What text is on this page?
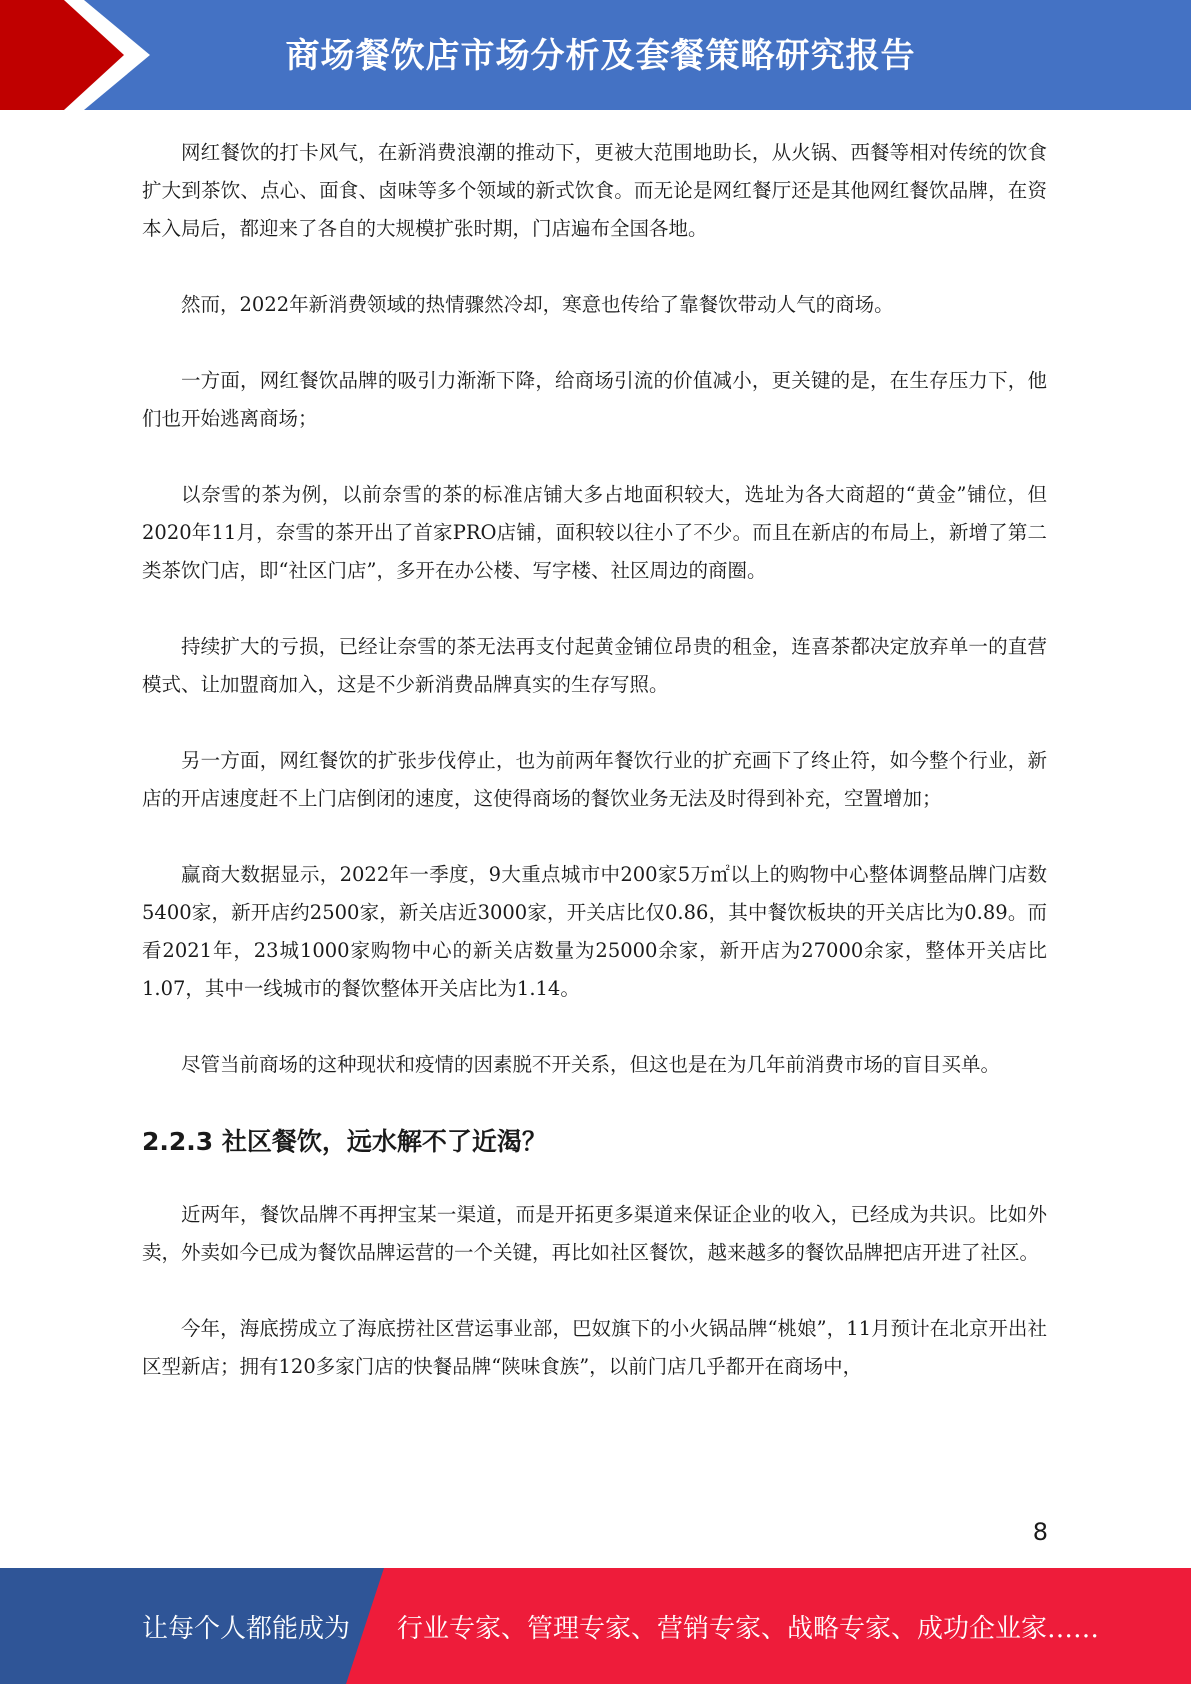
商场餐饮店市场分析及套餐策略研究报告

网红餐饮的打卡风气，在新消费浪潮的推动下，更被大范围地助长，从火锅、西餐等相对传统的饮食扩大到茶饮、点心、面食、卤味等多个领域的新式饮食。而无论是网红餐厅还是其他网红餐饮品牌，在资本入局后，都迎来了各自的大规模扩张时期，门店遍布全国各地。

然而，2022年新消费领域的热情骤然冷却，寒意也传给了靠餐饮带动人气的商场。

一方面，网红餐饮品牌的吸引力渐渐下降，给商场引流的价值减小，更关键的是，在生存压力下，他们也开始逃离商场；

以奈雪的茶为例，以前奈雪的茶的标准店铺大多占地面积较大，选址为各大商超的“黄金”铺位，但2020年11月，奈雪的茶开出了首家PRO店铺，面积较以往小了不少。而且在新店的布局上，新增了第二类茶饮门店，即“社区门店”，多开在办公楼、写字楼、社区周边的商圈。

持续扩大的亏损，已经让奈雪的茶无法再支付起黄金铺位昂贵的租金，连喜茶都决定放弃单一的直营模式、让加盟商加入，这是不少新消费品牌真实的生存写照。

另一方面，网红餐饮的扩张步伐停止，也为前两年餐饮行业的扩充画下了终止符，如今整个行业，新店的开店速度赶不上门店倒闭的速度，这使得商场的餐饮业务无法及时得到补充，空置增加；

赢商大数据显示，2022年一季度，9大重点城市中200家5万㎡以上的购物中心整体调整品牌门店数5400家，新开店约2500家，新关店近3000家，开关店比仅0.86，其中餐饮板块的开关店比为0.89。而看2021年，23城1000家购物中心的新关店数量为25000余家，新开店为27000余家，整体开关店比1.07，其中一线城市的餐饮整体开关店比为1.14。

尽管当前商场的这种现状和疫情的因素脱不开关系，但这也是在为几年前消费市场的盲目买单。

2.2.3 社区餐饮，远水解不了近渴？

近两年，餐饮品牌不再押宝某一渠道，而是开拓更多渠道来保证企业的收入，已经成为共识。比如外卖，外卖如今已成为餐饮品牌运营的一个关键，再比如社区餐饮，越来越多的餐饮品牌把店开进了社区。

今年，海底捞成立了海底捞社区营运事业部，巴奴旗下的小火锅品牌“桃娘”，11月预计在北京开出社区型新店；拥有120多家门店的快餐品牌“陕味食族”，以前门店几乎都开在商场中，

8
让每个人都能成为 行业专家、管理专家、营销专家、战略专家、成功企业家……
